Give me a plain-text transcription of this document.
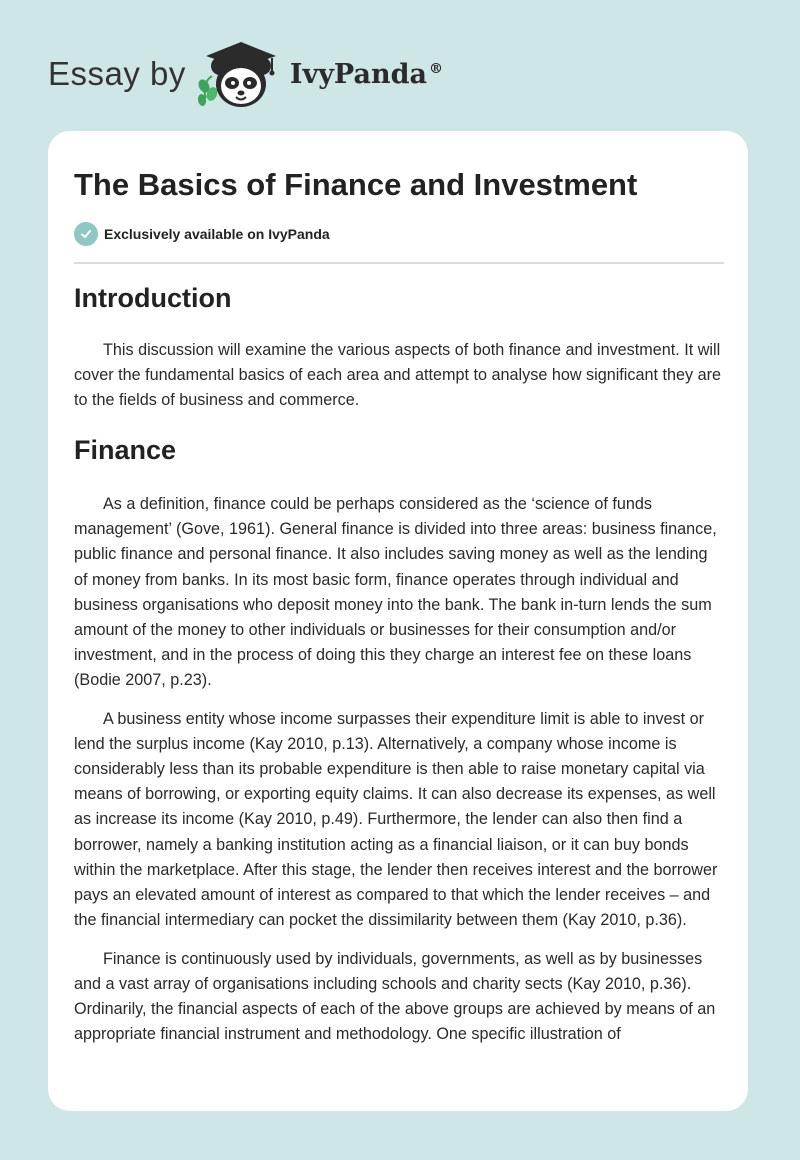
Essay by	IvyPanda ®
The Basics of Finance and Investment
Exclusively available on IvyPanda
Introduction

This discussion will examine the various aspects of both finance and investment. It will cover the fundamental basics of each area and attempt to analyse how significant they are to the fields of business and commerce.

Finance

As a definition, finance could be perhaps considered as the ‘science of funds management’ (Gove, 1961). General finance is divided into three areas: business finance, public finance and personal finance. It also includes saving money as well as the lending of money from banks. In its most basic form, finance operates through individual and business organisations who deposit money into the bank. The bank in-turn lends the sum amount of the money to other individuals or businesses for their consumption and/or investment, and in the process of doing this they charge an interest fee on these loans (Bodie 2007, p.23).

A business entity whose income surpasses their expenditure limit is able to invest or lend the surplus income (Kay 2010, p.13). Alternatively, a company whose income is considerably less than its probable expenditure is then able to raise monetary capital via means of borrowing, or exporting equity claims. It can also decrease its expenses, as well as increase its income (Kay 2010, p.49). Furthermore, the lender can also then find a borrower, namely a banking institution acting as a financial liaison, or it can buy bonds within the marketplace. After this stage, the lender then receives interest and the borrower pays an elevated amount of interest as compared to that which the lender receives – and the financial intermediary can pocket the dissimilarity between them (Kay 2010, p.36).

Finance is continuously used by individuals, governments, as well as by businesses and a vast array of organisations including schools and charity sects (Kay 2010, p.36). Ordinarily, the financial aspects of each of the above groups are achieved by means of an appropriate financial instrument and methodology. One specific illustration of
